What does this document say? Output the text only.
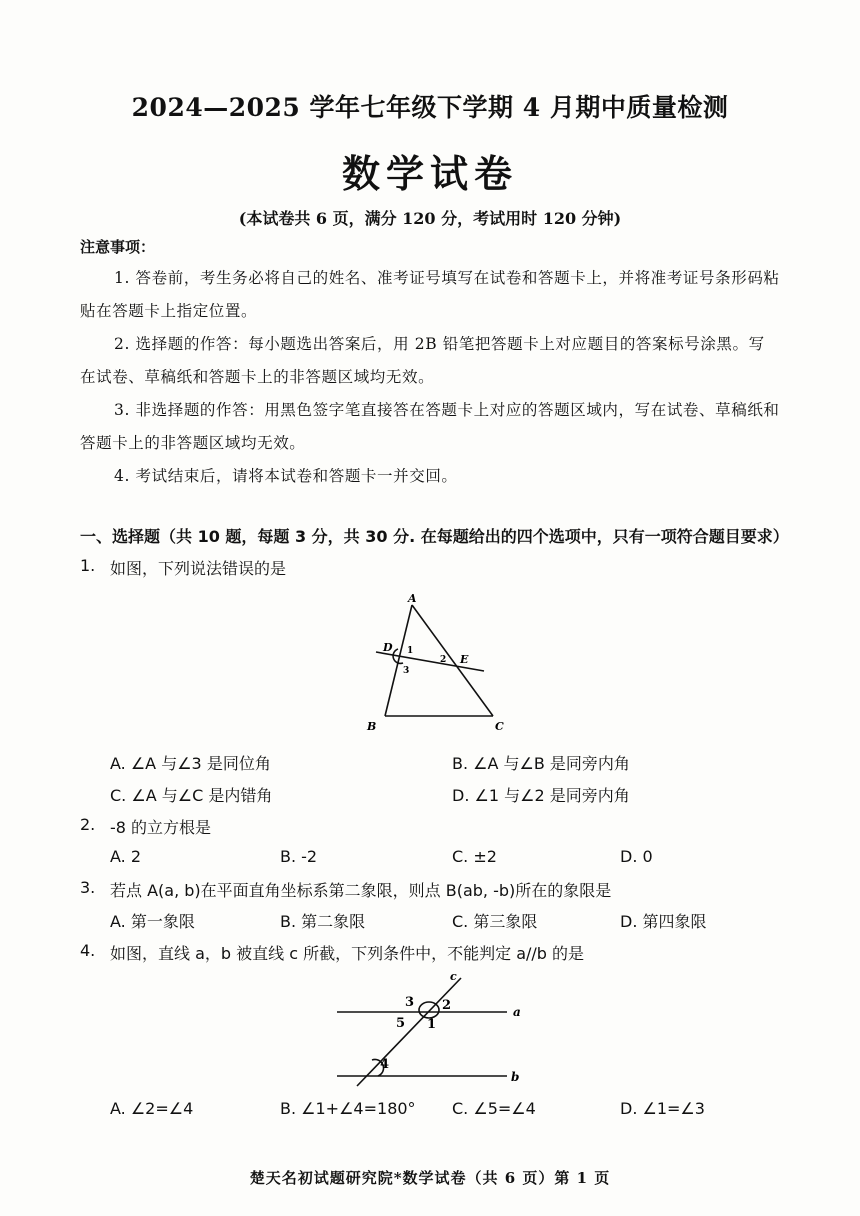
2024—2025 学年七年级下学期 4 月期中质量检测
数学试卷
(本试卷共 6 页，满分 120 分，考试用时 120 分钟)
注意事项：
1. 答卷前，考生务必将自己的姓名、准考证号填写在试卷和答题卡上，并将准考证号条形码粘贴在答题卡上指定位置。
2. 选择题的作答：每小题选出答案后，用 2B 铅笔把答题卡上对应题目的答案标号涂黑。写在试卷、草稿纸和答题卡上的非答题区域均无效。
3. 非选择题的作答：用黑色签字笔直接答在答题卡上对应的答题区域内，写在试卷、草稿纸和答题卡上的非答题区域均无效。
4. 考试结束后，请将本试卷和答题卡一并交回。
一、选择题（共 10 题，每题 3 分，共 30 分. 在每题给出的四个选项中，只有一项符合题目要求）
1. 如图，下列说法错误的是
A
D
E
B	C
1
2
3
A. ∠A 与∠3 是同位角	B. ∠A 与∠B 是同旁内角
C. ∠A 与∠C 是内错角	D. ∠1 与∠2 是同旁内角
2. -8 的立方根是
A. 2	B. -2	C. ±2	D. 0
3. 若点 A(a, b)在平面直角坐标系第二象限，则点 B(ab, -b)所在的象限是
A. 第一象限	B. 第二象限	C. 第三象限	D. 第四象限
4. 如图，直线 a，b 被直线 c 所截，下列条件中，不能判定 a//b 的是
c
a
b
3 2
5 1
4
A. ∠2=∠4	B. ∠1+∠4=180° C. ∠5=∠4	D. ∠1=∠3
楚天名初试题研究院*数学试卷（共 6 页）第 1 页
